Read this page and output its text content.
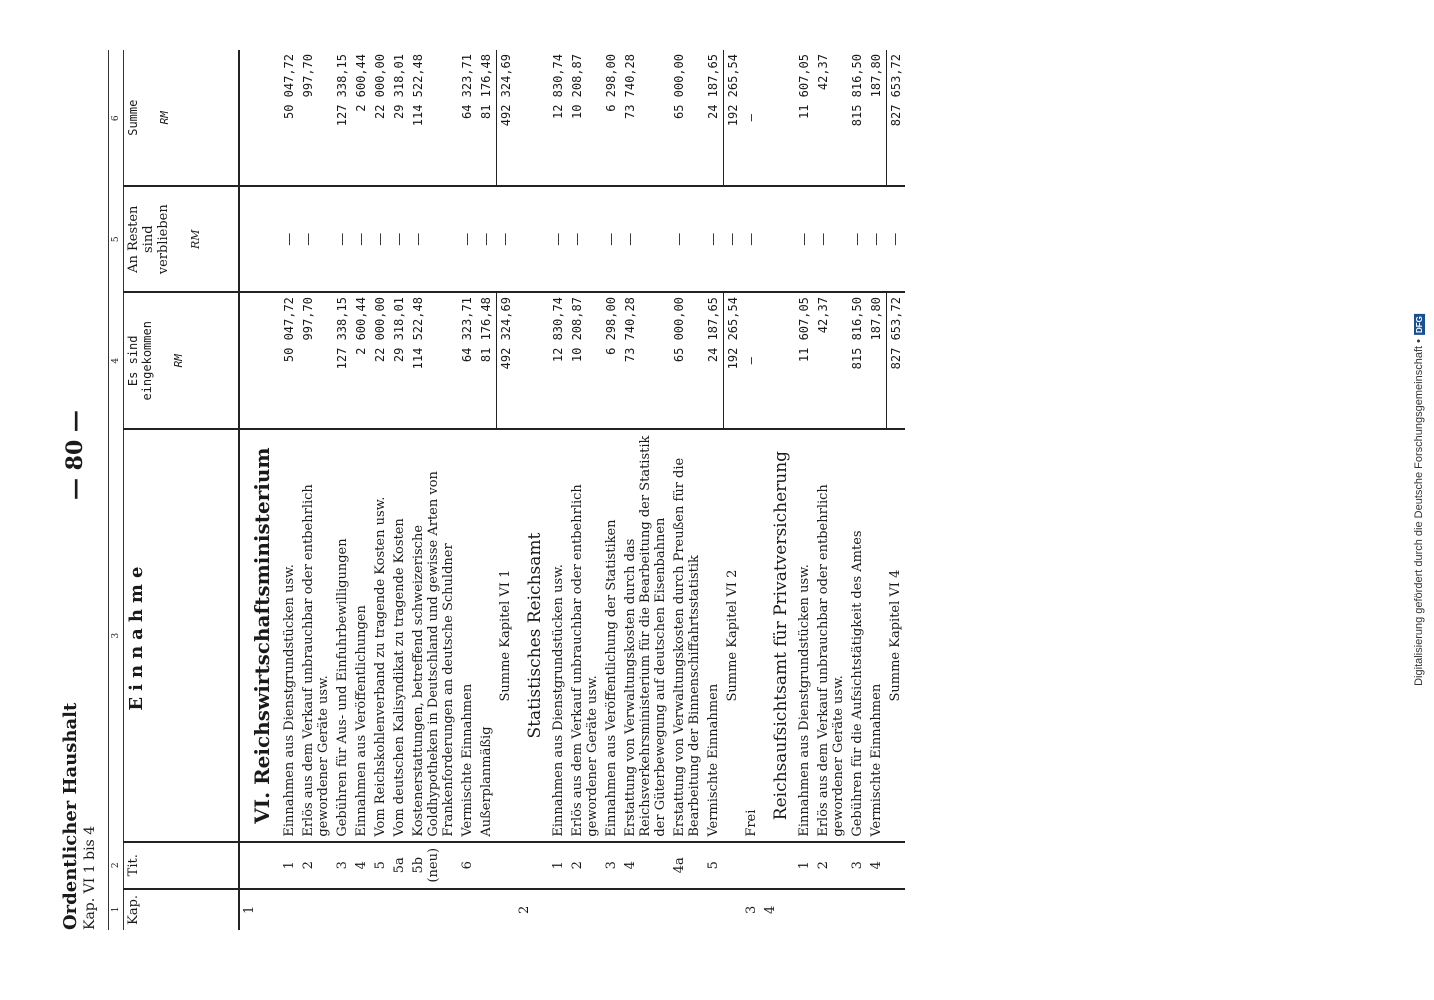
Digitalisierung gefördert durch die Deutsche Forschungsgemeinschaft •DFG
Ordentlicher Haushalt Kap. VI 1 bis 4
— 80 —
1	2	3	4	5	6
Kap.	Tit.	Einnahme	Es sind eingekommen RM	An Resten sind verblieben RM	Summe RM

1		VI. Reichswirtschaftsministerium			
	1	Einnahmen aus Dienstgrundstücken usw.	50 047,72	—	50 047,72
	2	Erlös aus dem Verkauf unbrauchbar oder entbehrlich gewordener Geräte usw.	997,70	—	997,70
	3	Gebühren für Aus- und Einfuhrbewilligungen	127 338,15	—	127 338,15
	4	Einnahmen aus Veröffentlichungen	2 600,44	—	2 600,44
	5	Vom Reichskohlenverband zu tragende Kosten usw.	22 000,00	—	22 000,00
	5a	Vom deutschen Kalisyndikat zu tragende Kosten	29 318,01	—	29 318,01
	5b (neu)	Kostenerstattungen, betreffend schweizerische Goldhypotheken in Deutschland und gewisse Arten von Frankenforderungen an deutsche Schuldner	114 522,48	—	114 522,48
	6	Vermischte Einnahmen	64 323,71	—	64 323,71
		Außerplanmäßig	81 176,48	—	81 176,48
		Summe Kapitel VI 1	492 324,69	—	492 324,69
2		Statistisches Reichsamt			
	1	Einnahmen aus Dienstgrundstücken usw.	12 830,74	—	12 830,74
	2	Erlös aus dem Verkauf unbrauchbar oder entbehrlich gewordener Geräte usw.	10 208,87	—	10 208,87
	3	Einnahmen aus Veröffentlichung der Statistiken	6 298,00	—	6 298,00
	4	Erstattung von Verwaltungskosten durch das Reichsverkehrsministerium für die Bearbeitung der Statistik der Güterbewegung auf deutschen Eisenbahnen	73 740,28	—	73 740,28
	4a	Erstattung von Verwaltungskosten durch Preußen für die Bearbeitung der Binnenschiffahrtsstatistik	65 000,00	—	65 000,00
	5	Vermischte Einnahmen	24 187,65	—	24 187,65
		Summe Kapitel VI 2	192 265,54	—	192 265,54
3		Frei	—	—	—
4		Reichsaufsichtsamt für Privatversicherung			
	1	Einnahmen aus Dienstgrundstücken usw.	11 607,05	—	11 607,05
	2	Erlös aus dem Verkauf unbrauchbar oder entbehrlich gewordener Geräte usw.	42,37	—	42,37
	3	Gebühren für die Aufsichtstätigkeit des Amtes	815 816,50	—	815 816,50
	4	Vermischte Einnahmen	187,80	—	187,80
		Summe Kapitel VI 4	827 653,72	—	827 653,72
